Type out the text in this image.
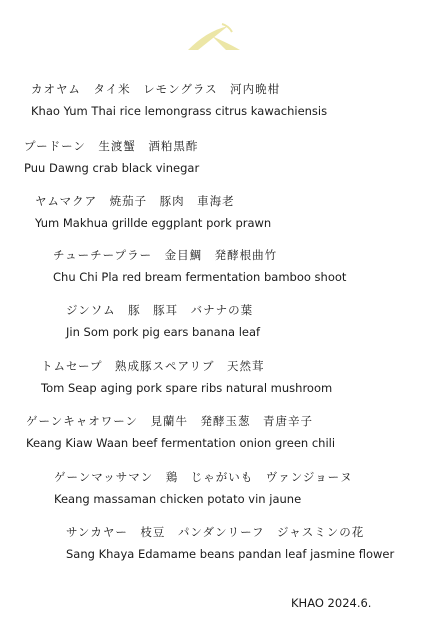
カオヤム　タイ米　レモングラス　河内晩柑
Khao Yum Thai rice lemongrass citrus kawachiensis
プードーン　生渡蟹　酒粕黒酢
Puu Dawng crab black vinegar
ヤムマクア　焼茄子　豚肉　車海老
Yum Makhua grillde eggplant pork prawn
チューチープラー　金目鯛　発酵根曲竹
Chu Chi Pla red bream fermentation bamboo shoot
ジンソム　豚　豚耳　バナナの葉
Jin Som pork pig ears banana leaf
トムセープ　熟成豚スペアリブ　天然茸
Tom Seap aging pork spare ribs natural mushroom
ゲーンキャオワーン　見蘭牛　発酵玉葱　青唐辛子
Keang Kiaw Waan beef fermentation onion green chili
ゲーンマッサマン　鶏　じゃがいも　ヴァンジョーヌ
Keang massaman chicken potato vin jaune
サンカヤー　枝豆　パンダンリーフ　ジャスミンの花
Sang Khaya Edamame beans pandan leaf jasmine flower
KHAO 2024.6.
